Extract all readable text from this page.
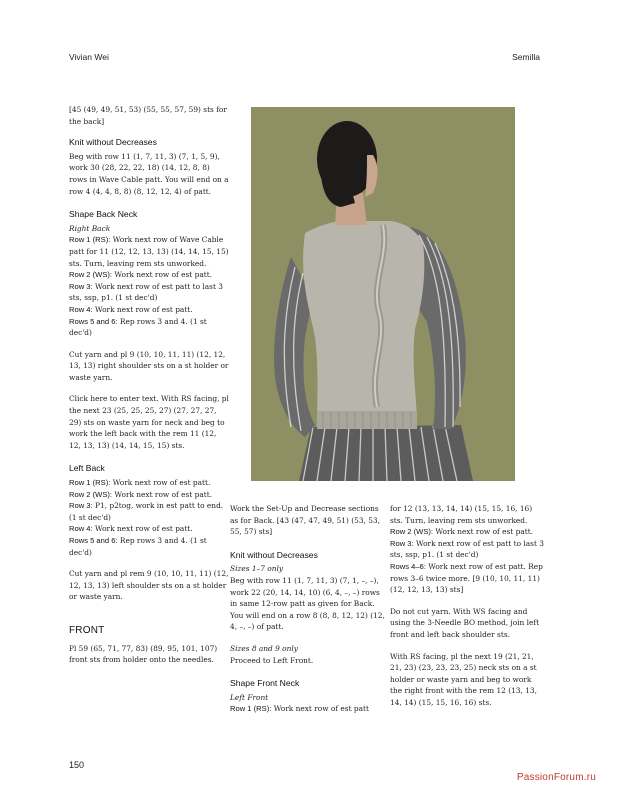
Vivian Wei	Semilla

[45 (49, 49, 51, 53) (55, 55, 57, 59) sts for the back]

Knit without Decreases

Beg with row 11 (1, 7, 11, 3) (7, 1, 5, 9), work 30 (28, 22, 22, 18) (14, 12, 8, 8) rows in Wave Cable patt. You will end on a row 4 (4, 4, 8, 8) (8, 12, 12, 4) of patt.

Shape Back Neck

Right Back

Row 1 (RS): Work next row of Wave Cable patt for 11 (12, 12, 13, 13) (14, 14, 15, 15) sts. Turn, leaving rem sts unworked.

Row 2 (WS): Work next row of est patt.

Row 3: Work next row of est patt to last 3 sts, ssp, p1. (1 st dec'd)

Row 4: Work next row of est patt.

Rows 5 and 6: Rep rows 3 and 4. (1 st dec'd)

Cut yarn and pl 9 (10, 10, 11, 11) (12, 12, 13, 13) right shoulder sts on a st holder or waste yarn.

Click here to enter text. With RS facing, pl the next 23 (25, 25, 25, 27) (27, 27, 27, 29) sts on waste yarn for neck and beg to work the left back with the rem 11 (12, 12, 13, 13) (14, 14, 15, 15) sts.

Left Back

Row 1 (RS): Work next row of est patt.

Row 2 (WS): Work next row of est patt.

Row 3: P1, p2tog, work in est patt to end. (1 st dec'd)

Row 4: Work next row of est patt.

Rows 5 and 6: Rep rows 3 and 4. (1 st dec'd)

Cut yarn and pl rem 9 (10, 10, 11, 11) (12, 12, 13, 13) left shoulder sts on a st holder or waste yarn.

FRONT

Pl 59 (65, 71, 77, 83) (89, 95, 101, 107) front sts from holder onto the needles.

Work the Set-Up and Decrease sections as for Back. [43 (47, 47, 49, 51) (53, 53, 55, 57) sts]

Knit without Decreases

Sizes 1–7 only

Beg with row 11 (1, 7, 11, 3) (7, 1, –, –), work 22 (20, 14, 14, 10) (6, 4, –, –) rows in same 12-row patt as given for Back. You will end on a row 8 (8, 8, 12, 12) (12, 4, –, –) of patt.

Sizes 8 and 9 only

Proceed to Left Front.

Shape Front Neck

Left Front

Row 1 (RS): Work next row of est patt

for 12 (13, 13, 14, 14) (15, 15, 16, 16) sts. Turn, leaving rem sts unworked.

Row 2 (WS): Work next row of est patt.

Row 3: Work next row of est patt to last 3 sts, ssp, p1. (1 st dec'd)

Rows 4–6: Work next row of est patt. Rep rows 3–6 twice more. [9 (10, 10, 11, 11) (12, 12, 13, 13) sts]

Do not cut yarn. With WS facing and using the 3-Needle BO method, join left front and left back shoulder sts.

With RS facing, pl the next 19 (21, 21, 21, 23) (23, 23, 23, 25) neck sts on a st holder or waste yarn and beg to work the right front with the rem 12 (13, 13, 14, 14) (15, 15, 16, 16) sts.

150
PassionForum.ru
